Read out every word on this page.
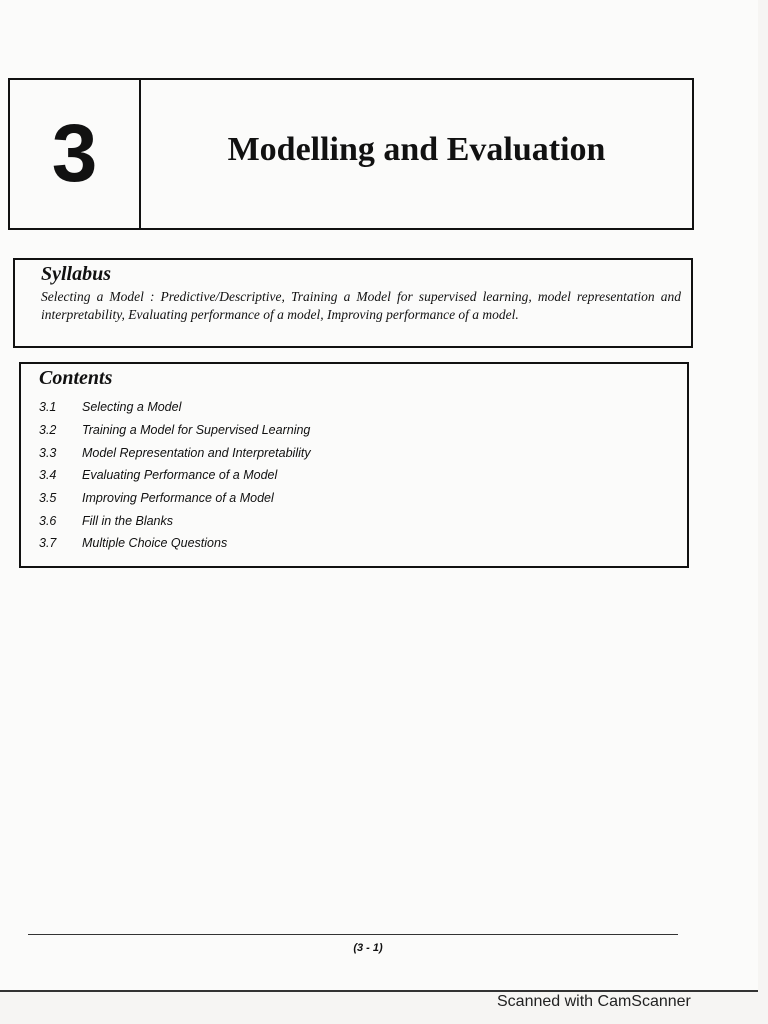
3	Modelling and Evaluation

Syllabus

Selecting a Model : Predictive/Descriptive, Training a Model for supervised learning, model representation and interpretability, Evaluating performance of a model, Improving performance of a model.

Contents

3.1	Selecting a Model
3.2	Training a Model for Supervised Learning
3.3	Model Representation and Interpretability
3.4	Evaluating Performance of a Model
3.5	Improving Performance of a Model
3.6	Fill in the Blanks
3.7	Multiple Choice Questions
(3 - 1)
Scanned with CamScanner
